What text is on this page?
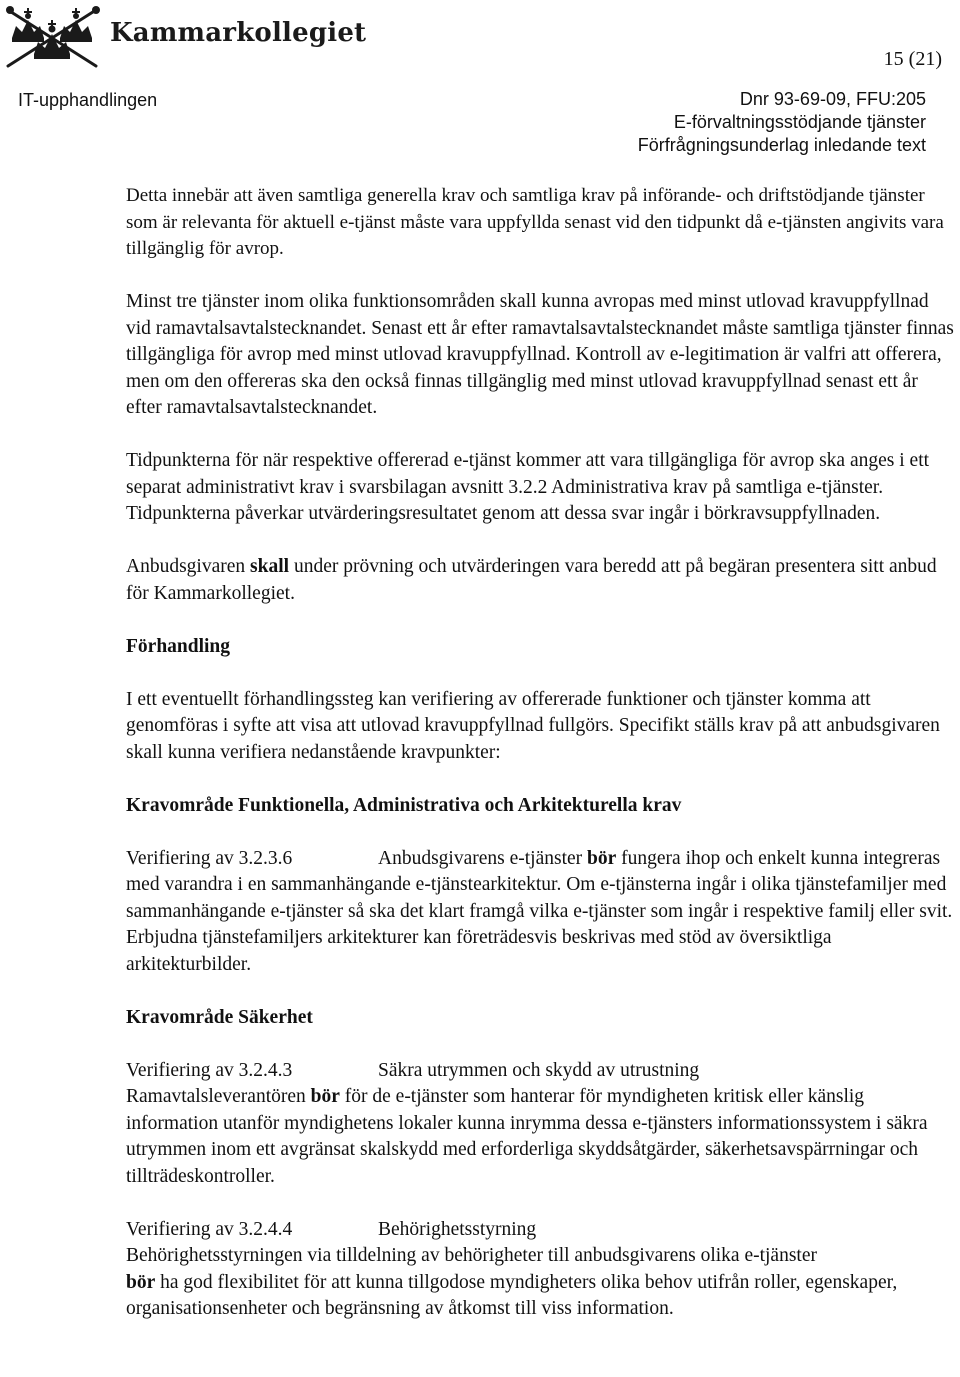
Kammarkollegiet
15 (21)
IT-upphandlingen	Dnr 93-69-09, FFU:205
E-förvaltningsstödjande tjänster
Förfrågningsunderlag inledande text

Detta innebär att även samtliga generella krav och samtliga krav på införande- och driftstödjande tjänster som är relevanta för aktuell e-tjänst måste vara uppfyllda senast vid den tidpunkt då e-tjänsten angivits vara tillgänglig för avrop.

Minst tre tjänster inom olika funktionsområden skall kunna avropas med minst utlovad kravuppfyllnad vid ramavtalsavtalstecknandet. Senast ett år efter ramavtalsavtalstecknandet måste samtliga tjänster finnas tillgängliga för avrop med minst utlovad kravuppfyllnad. Kontroll av e-legitimation är valfri att offerera, men om den offereras ska den också finnas tillgänglig med minst utlovad kravuppfyllnad senast ett år efter ramavtalsavtalstecknandet.

Tidpunkterna för när respektive offererad e-tjänst kommer att vara tillgängliga för avrop ska anges i ett separat administrativt krav i svarsbilagan avsnitt 3.2.2 Administrativa krav på samtliga e-tjänster. Tidpunkterna påverkar utvärderingsresultatet genom att dessa svar ingår i börkravsuppfyllnaden.

Anbudsgivaren skall under prövning och utvärderingen vara beredd att på begäran presentera sitt anbud för Kammarkollegiet.

Förhandling

I ett eventuellt förhandlingssteg kan verifiering av offererade funktioner och tjänster komma att genomföras i syfte att visa att utlovad kravuppfyllnad fullgörs. Specifikt ställs krav på att anbudsgivaren skall kunna verifiera nedanstående kravpunkter:

Kravområde Funktionella, Administrativa och Arkitekturella krav

Verifiering av 3.2.3.6	Anbudsgivarens e-tjänster bör fungera ihop och enkelt kunna integreras med varandra i en sammanhängande e-tjänstearkitektur. Om e-tjänsterna ingår i olika tjänstefamiljer med sammanhängande e-tjänster så ska det klart framgå vilka e-tjänster som ingår i respektive familj eller svit. Erbjudna tjänstefamiljers arkitekturer kan företrädesvis beskrivas med stöd av översiktliga arkitekturbilder.

Kravområde Säkerhet

Verifiering av 3.2.4.3	Säkra utrymmen och skydd av utrustning
Ramavtalsleverantören bör för de e-tjänster som hanterar för myndigheten kritisk eller känslig information utanför myndighetens lokaler kunna inrymma dessa e-tjänsters informationssystem i säkra utrymmen inom ett avgränsat skalskydd med erforderliga skyddsåtgärder, säkerhetsavspärrningar och tillträdeskontroller.

Verifiering av 3.2.4.4	Behörighetsstyrning
Behörighetsstyrningen via tilldelning av behörigheter till anbudsgivarens olika e-tjänster
bör ha god flexibilitet för att kunna tillgodose myndigheters olika behov utifrån roller, egenskaper, organisationsenheter och begränsning av åtkomst till viss information.
